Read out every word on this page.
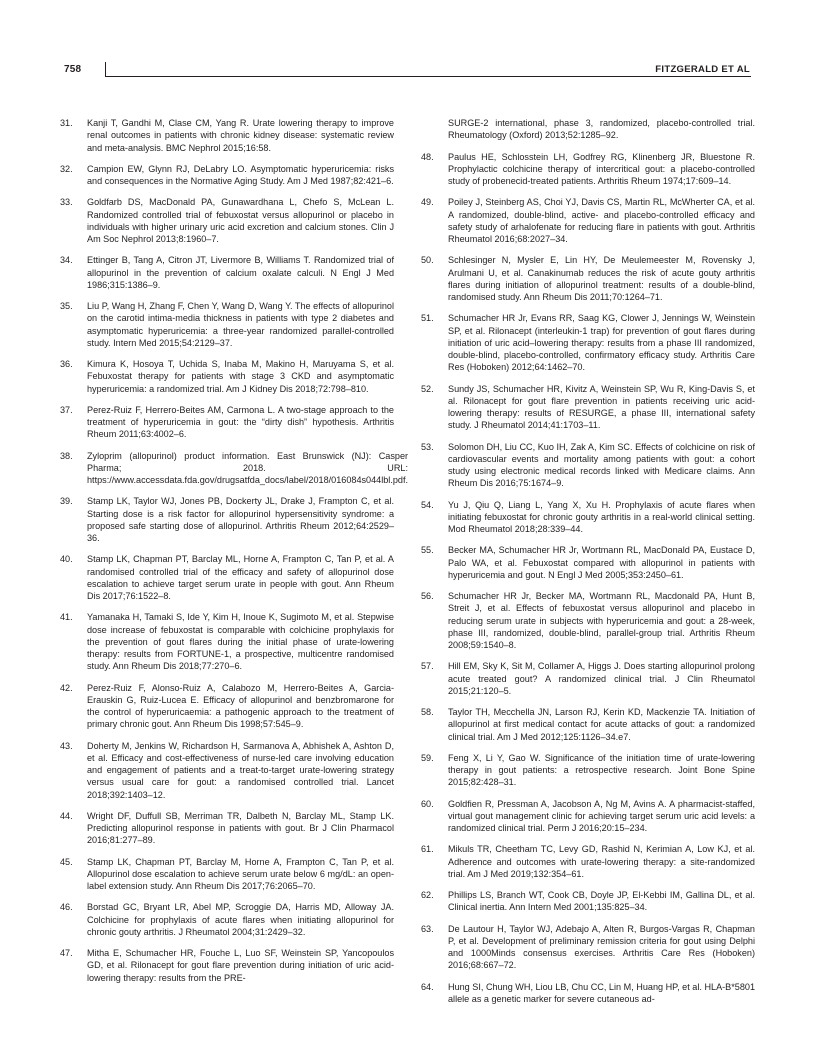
758	FITZGERALD ET AL
31.	Kanji T, Gandhi M, Clase CM, Yang R. Urate lowering therapy to improve renal outcomes in patients with chronic kidney disease: systematic review and meta-analysis. BMC Nephrol 2015;16:58.
32.	Campion EW, Glynn RJ, DeLabry LO. Asymptomatic hyperuricemia: risks and consequences in the Normative Aging Study. Am J Med 1987;82:421–6.
33.	Goldfarb DS, MacDonald PA, Gunawardhana L, Chefo S, McLean L. Randomized controlled trial of febuxostat versus allopurinol or placebo in individuals with higher urinary uric acid excretion and calcium stones. Clin J Am Soc Nephrol 2013;8:1960–7.
34.	Ettinger B, Tang A, Citron JT, Livermore B, Williams T. Randomized trial of allopurinol in the prevention of calcium oxalate calculi. N Engl J Med 1986;315:1386–9.
35.	Liu P, Wang H, Zhang F, Chen Y, Wang D, Wang Y. The effects of allopurinol on the carotid intima-media thickness in patients with type 2 diabetes and asymptomatic hyperuricemia: a three-year randomized parallel-controlled study. Intern Med 2015;54:2129–37.
36.	Kimura K, Hosoya T, Uchida S, Inaba M, Makino H, Maruyama S, et al. Febuxostat therapy for patients with stage 3 CKD and asymptomatic hyperuricemia: a randomized trial. Am J Kidney Dis 2018;72:798–810.
37.	Perez-Ruiz F, Herrero-Beites AM, Carmona L. A two-stage approach to the treatment of hyperuricemia in gout: the “dirty dish” hypothesis. Arthritis Rheum 2011;63:4002–6.
38.	Zyloprim (allopurinol) product information. East Brunswick (NJ): Casper Pharma; 2018. URL: https://www.accessdata.fda.gov/drugsatfda_docs/label/2018/016084s044lbl.pdf.
39.	Stamp LK, Taylor WJ, Jones PB, Dockerty JL, Drake J, Frampton C, et al. Starting dose is a risk factor for allopurinol hypersensitivity syndrome: a proposed safe starting dose of allopurinol. Arthritis Rheum 2012;64:2529–36.
40.	Stamp LK, Chapman PT, Barclay ML, Horne A, Frampton C, Tan P, et al. A randomised controlled trial of the efficacy and safety of allopurinol dose escalation to achieve target serum urate in people with gout. Ann Rheum Dis 2017;76:1522–8.
41.	Yamanaka H, Tamaki S, Ide Y, Kim H, Inoue K, Sugimoto M, et al. Stepwise dose increase of febuxostat is comparable with colchicine prophylaxis for the prevention of gout flares during the initial phase of urate-lowering therapy: results from FORTUNE-1, a prospective, multicentre randomised study. Ann Rheum Dis 2018;77:270–6.
42.	Perez-Ruiz F, Alonso-Ruiz A, Calabozo M, Herrero-Beites A, Garcia-Erauskin G, Ruiz-Lucea E. Efficacy of allopurinol and benzbromarone for the control of hyperuricaemia: a pathogenic approach to the treatment of primary chronic gout. Ann Rheum Dis 1998;57:545–9.
43.	Doherty M, Jenkins W, Richardson H, Sarmanova A, Abhishek A, Ashton D, et al. Efficacy and cost-effectiveness of nurse-led care involving education and engagement of patients and a treat-to-target urate-lowering strategy versus usual care for gout: a randomised controlled trial. Lancet 2018;392:1403–12.
44.	Wright DF, Duffull SB, Merriman TR, Dalbeth N, Barclay ML, Stamp LK. Predicting allopurinol response in patients with gout. Br J Clin Pharmacol 2016;81:277–89.
45.	Stamp LK, Chapman PT, Barclay M, Horne A, Frampton C, Tan P, et al. Allopurinol dose escalation to achieve serum urate below 6 mg/dL: an open-label extension study. Ann Rheum Dis 2017;76:2065–70.
46.	Borstad GC, Bryant LR, Abel MP, Scroggie DA, Harris MD, Alloway JA. Colchicine for prophylaxis of acute flares when initiating allopurinol for chronic gouty arthritis. J Rheumatol 2004;31:2429–32.
47.	Mitha E, Schumacher HR, Fouche L, Luo SF, Weinstein SP, Yancopoulos GD, et al. Rilonacept for gout flare prevention during initiation of uric acid-lowering therapy: results from the PRE-
SURGE-2 international, phase 3, randomized, placebo-controlled trial. Rheumatology (Oxford) 2013;52:1285–92.
48.	Paulus HE, Schlosstein LH, Godfrey RG, Klinenberg JR, Bluestone R. Prophylactic colchicine therapy of intercritical gout: a placebo-controlled study of probenecid-treated patients. Arthritis Rheum 1974;17:609–14.
49.	Poiley J, Steinberg AS, Choi YJ, Davis CS, Martin RL, McWherter CA, et al. A randomized, double-blind, active- and placebo-controlled efficacy and safety study of arhalofenate for reducing flare in patients with gout. Arthritis Rheumatol 2016;68:2027–34.
50.	Schlesinger N, Mysler E, Lin HY, De Meulemeester M, Rovensky J, Arulmani U, et al. Canakinumab reduces the risk of acute gouty arthritis flares during initiation of allopurinol treatment: results of a double-blind, randomised study. Ann Rheum Dis 2011;70:1264–71.
51.	Schumacher HR Jr, Evans RR, Saag KG, Clower J, Jennings W, Weinstein SP, et al. Rilonacept (interleukin-1 trap) for prevention of gout flares during initiation of uric acid–lowering therapy: results from a phase III randomized, double-blind, placebo-controlled, confirmatory efficacy study. Arthritis Care Res (Hoboken) 2012;64:1462–70.
52.	Sundy JS, Schumacher HR, Kivitz A, Weinstein SP, Wu R, King-Davis S, et al. Rilonacept for gout flare prevention in patients receiving uric acid-lowering therapy: results of RESURGE, a phase III, international safety study. J Rheumatol 2014;41:1703–11.
53.	Solomon DH, Liu CC, Kuo IH, Zak A, Kim SC. Effects of colchicine on risk of cardiovascular events and mortality among patients with gout: a cohort study using electronic medical records linked with Medicare claims. Ann Rheum Dis 2016;75:1674–9.
54.	Yu J, Qiu Q, Liang L, Yang X, Xu H. Prophylaxis of acute flares when initiating febuxostat for chronic gouty arthritis in a real-world clinical setting. Mod Rheumatol 2018;28:339–44.
55.	Becker MA, Schumacher HR Jr, Wortmann RL, MacDonald PA, Eustace D, Palo WA, et al. Febuxostat compared with allopurinol in patients with hyperuricemia and gout. N Engl J Med 2005;353:2450–61.
56.	Schumacher HR Jr, Becker MA, Wortmann RL, Macdonald PA, Hunt B, Streit J, et al. Effects of febuxostat versus allopurinol and placebo in reducing serum urate in subjects with hyperuricemia and gout: a 28-week, phase III, randomized, double-blind, parallel-group trial. Arthritis Rheum 2008;59:1540–8.
57.	Hill EM, Sky K, Sit M, Collamer A, Higgs J. Does starting allopurinol prolong acute treated gout? A randomized clinical trial. J Clin Rheumatol 2015;21:120–5.
58.	Taylor TH, Mecchella JN, Larson RJ, Kerin KD, Mackenzie TA. Initiation of allopurinol at first medical contact for acute attacks of gout: a randomized clinical trial. Am J Med 2012;125:1126–34.e7.
59.	Feng X, Li Y, Gao W. Significance of the initiation time of urate-lowering therapy in gout patients: a retrospective research. Joint Bone Spine 2015;82:428–31.
60.	Goldfien R, Pressman A, Jacobson A, Ng M, Avins A. A pharmacist-staffed, virtual gout management clinic for achieving target serum uric acid levels: a randomized clinical trial. Perm J 2016;20:15–234.
61.	Mikuls TR, Cheetham TC, Levy GD, Rashid N, Kerimian A, Low KJ, et al. Adherence and outcomes with urate-lowering therapy: a site-randomized trial. Am J Med 2019;132:354–61.
62.	Phillips LS, Branch WT, Cook CB, Doyle JP, El-Kebbi IM, Gallina DL, et al. Clinical inertia. Ann Intern Med 2001;135:825–34.
63.	De Lautour H, Taylor WJ, Adebajo A, Alten R, Burgos-Vargas R, Chapman P, et al. Development of preliminary remission criteria for gout using Delphi and 1000Minds consensus exercises. Arthritis Care Res (Hoboken) 2016;68:667–72.
64.	Hung SI, Chung WH, Liou LB, Chu CC, Lin M, Huang HP, et al. HLA-B*5801 allele as a genetic marker for severe cutaneous ad-
